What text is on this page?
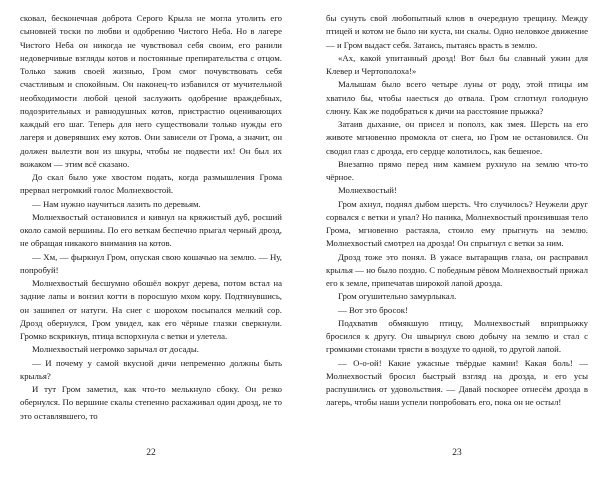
сковал, бесконечная доброта Серого Крыла не могла утолить его сыновней тоски по любви и одобрению Чистого Неба. Но в лагере Чистого Неба он никогда не чувствовал себя своим, его ранили недоверчивые взгляды котов и постоянные препирательства с отцом. Только зажив своей жизнью, Гром смог почувствовать себя счастливым и спокойным. Он наконец-то избавился от мучительной необходимости любой ценой заслужить одобрение враждебных, подозрительных и равнодушных котов, пристрастно оценивающих каждый его шаг. Теперь для него существовали только нужды его лагеря и доверявших ему котов. Они зависели от Грома, а значит, он должен вылезти вон из шкуры, чтобы не подвести их! Он был их вожаком — этим всё сказано.

До скал было уже хвостом подать, когда размышления Грома прервал негромкий голос Молнехвостой.

— Нам нужно научиться лазить по деревьям.

Молнехвостый остановился и кивнул на кряжистый дуб, росший около самой вершины. По его веткам беспечно прыгал черный дрозд, не обращая никакого внимания на котов.

— Хм, — фыркнул Гром, опуская свою кошачью на землю. — Ну, попробуй!

Молнехвостый бесшумно обошёл вокруг дерева, потом встал на задние лапы и вонзил когти в поросшую мхом кору. Подтянувшись, он зашипел от натуги. На снег с шорохом посыпался мелкий сор. Дрозд обернулся, Гром увидел, как его чёрные глазки сверкнули. Громко вскрикнув, птица вспорхнула с ветки и улетела.

Молнехвостый негромко зарычал от досады.

— И почему у самой вкусной дичи непременно должны быть крылья?

И тут Гром заметил, как что-то мелькнуло сбоку. Он резко обернулся. По вершине скалы степенно расхаживал один дрозд, не то это оставлявшего, то

бы сунуть свой любопытный клюв в очередную трещину. Между птицей и котом не было ни куста, ни скалы. Одно неловкое движение — и Гром выдаст себя. Затаись, пытаясь врасть в землю.

«Ах, какой упитанный дрозд! Вот был бы славный ужин для Клевер и Чертополоха!»

Малышам было всего четыре луны от роду, этой птицы им хватило бы, чтобы наесться до отвала. Гром сглотнул голодную слюну. Как же подобраться к дичи на расстояние прыжка?

Затаив дыхание, он присел и пополз, как змея. Шерсть на его животе мгновенно промокла от снега, но Гром не остановился. Он сводил глаз с дрозда, его сердце колотилось, как бешеное.

Внезапно прямо перед ним камнем рухнуло на землю что-то чёрное.

Молнехвостый!

Гром ахнул, поднял дыбом шерсть. Что случилось? Неужели друг сорвался с ветки и упал? Но паника, Молнехвостый пронзившая тело Грома, мгновенно растаяла, стоило ему прыгнуть на землю. Молнехвостый смотрел на дрозда! Он спрыгнул с ветки за ним.

Дрозд тоже это понял. В ужасе вытаращив глаза, он расправил крылья — но было поздно. С победным рёвом Молнехвостый прижал его к земле, припечатав широкой лапой дрозда.

Гром огушительно замурлыкал.

— Вот это бросок!

Подхватив обмякшую птицу, Молнехвостый вприпрыжку бросился к другу. Он швырнул свою добычу на землю и стал с громкими стонами трясти в воздухе то одной, то другой лапой.

— О-о-ой! Какие ужасные твёрдые камни! Какая боль! — Молнехвостый бросил быстрый взгляд на дрозда, и его усы распушились от удовольствия. — Давай поскорее отнесём дрозда в лагерь, чтобы наши успели попробовать его, пока он не остыл!

22	23
